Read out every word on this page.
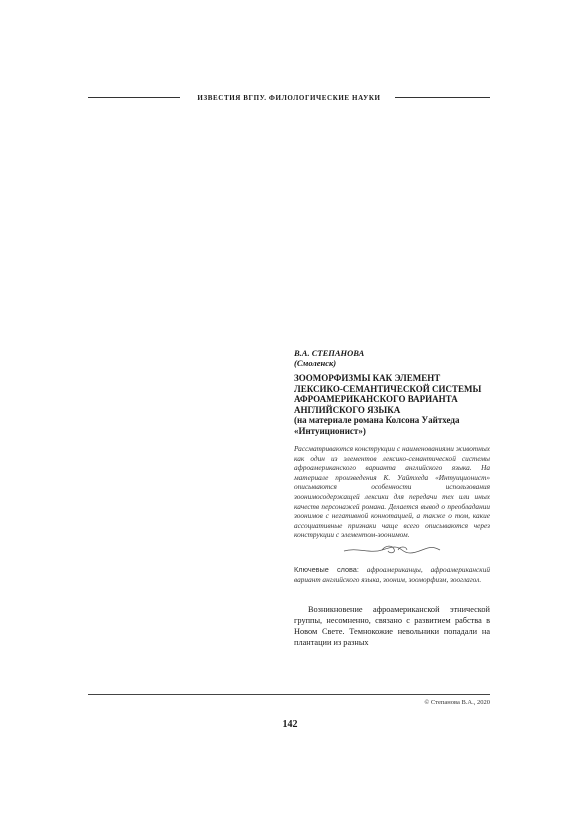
ИЗВЕСТИЯ ВГПУ. ФИЛОЛОГИЧЕСКИЕ НАУКИ
В.А. СТЕПАНОВА
(Смоленск)
ЗООМОРФИЗМЫ КАК ЭЛЕМЕНТ ЛЕКСИКО-СЕМАНТИЧЕСКОЙ СИСТЕМЫ АФРОАМЕРИКАНСКОГО ВАРИАНТА АНГЛИЙСКОГО ЯЗЫКА
(на материале романа Колсона Уайтхеда «Интуиционист»)
Рассматриваются конструкции с наименованиями животных как один из элементов лексико-семантической системы афроамериканского варианта английского языка. На материале произведения К. Уайтхеда «Интуиционист» описываются особенности использования зоонимосодержащей лексики для передачи тех или иных качеств персонажей романа. Делается вывод о преобладании зоонимов с негативной коннотацией, а также о том, какие ассоциативные признаки чаще всего описываются через конструкции с элементом-зоонимом.
Ключевые слова: афроамериканцы, афроамериканский вариант английского языка, зооним, зооморфизм, зооглагол.
Возникновение афроамериканской этнической группы, несомненно, связано с развитием рабства в Новом Свете. Темнокожие невольники попадали на плантации из разных
© Степанова В.А., 2020
142
